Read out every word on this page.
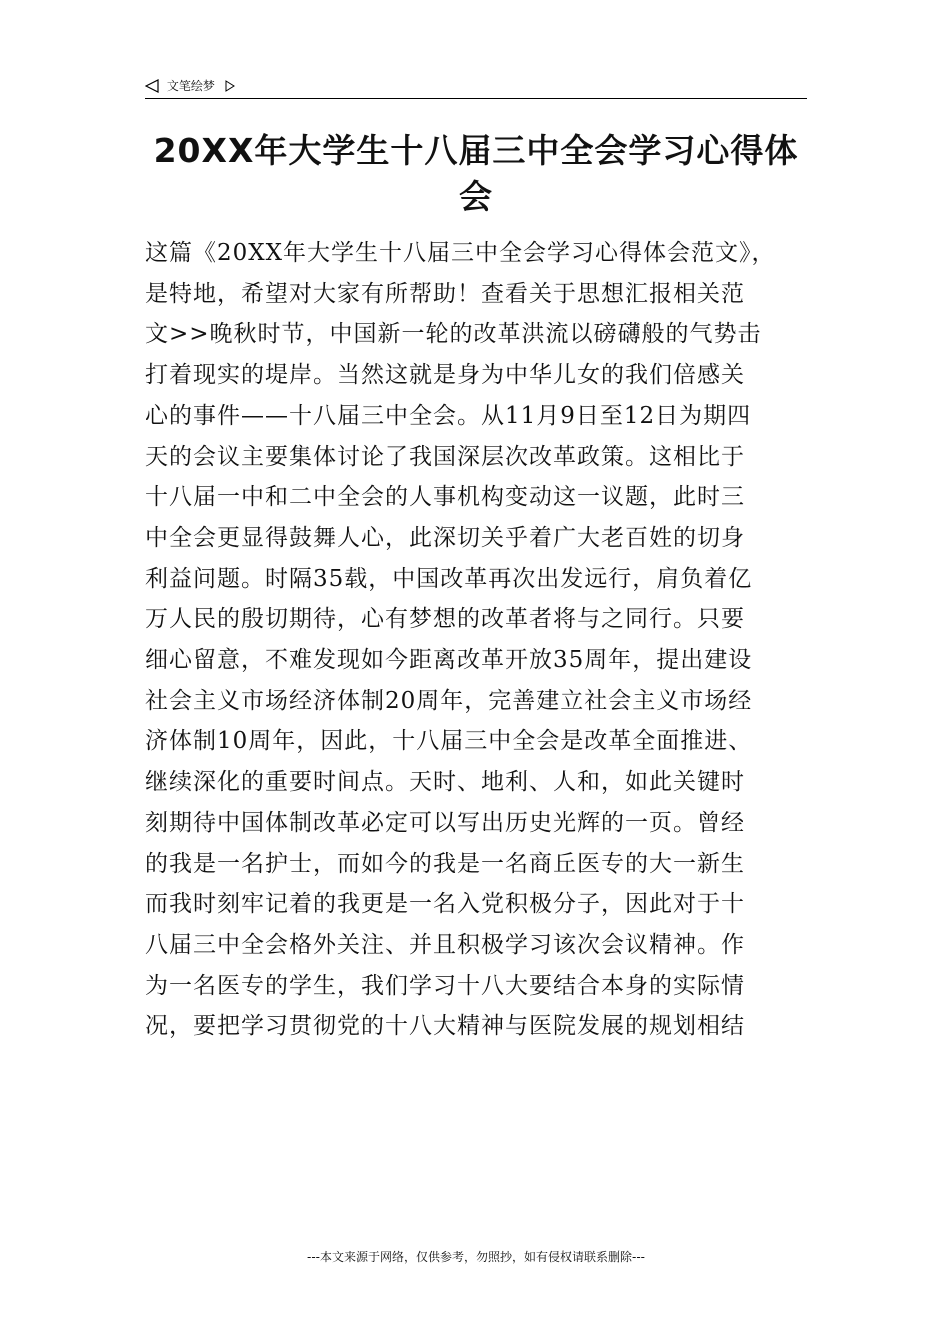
文笔绘梦
20XX年大学生十八届三中全会学习心得体
会
这篇《20XX年大学生十八届三中全会学习心得体会范文》，
是特地，希望对大家有所帮助！查看关于思想汇报相关范
文>>晚秋时节，中国新一轮的改革洪流以磅礴般的气势击
打着现实的堤岸。当然这就是身为中华儿女的我们倍感关
心的事件——十八届三中全会。从11月9日至12日为期四
天的会议主要集体讨论了我国深层次改革政策。这相比于
十八届一中和二中全会的人事机构变动这一议题，此时三
中全会更显得鼓舞人心，此深切关乎着广大老百姓的切身
利益问题。时隔35载，中国改革再次出发远行，肩负着亿
万人民的殷切期待，心有梦想的改革者将与之同行。只要
细心留意，不难发现如今距离改革开放35周年，提出建设
社会主义市场经济体制20周年，完善建立社会主义市场经
济体制10周年，因此，十八届三中全会是改革全面推进、
继续深化的重要时间点。天时、地利、人和，如此关键时
刻期待中国体制改革必定可以写出历史光辉的一页。曾经
的我是一名护士，而如今的我是一名商丘医专的大一新生
而我时刻牢记着的我更是一名入党积极分子，因此对于十
八届三中全会格外关注、并且积极学习该次会议精神。作
为一名医专的学生，我们学习十八大要结合本身的实际情
况，要把学习贯彻党的十八大精神与医院发展的规划相结
---本文来源于网络，仅供参考，勿照抄，如有侵权请联系删除---
